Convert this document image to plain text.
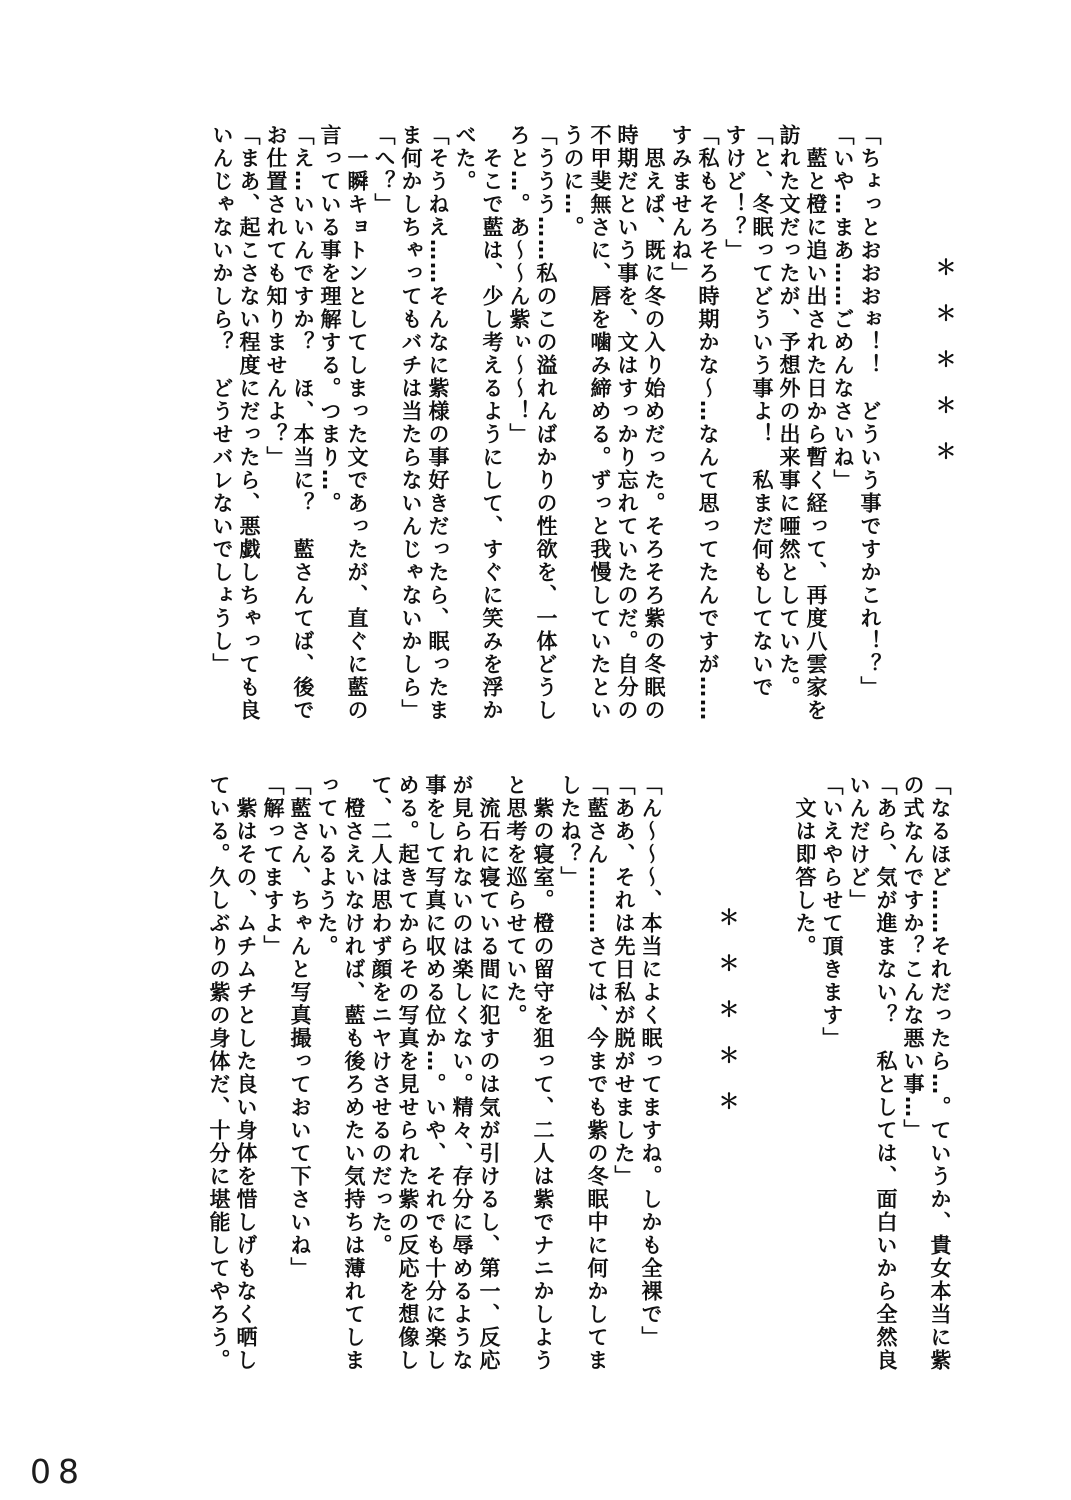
＊　＊　＊　＊　＊
「ちょっとおおおぉ！！　どういう事ですかこれ！？」
「いや…まあ……ごめんなさいね」
藍と橙に追い出された日から暫く経って、再度八雲家を
訪れた文だったが、予想外の出来事に唖然としていた。
「と、冬眠ってどういう事よ！　私まだ何もしてないで
すけど！？」
「私もそろそろ時期かな～…なんて思ってたんですが……
すみませんね」
思えば、既に冬の入り始めだった。そろそろ紫の冬眠の
時期だという事を、文はすっかり忘れていたのだ。自分の
不甲斐無さに、唇を噛み締める。ずっと我慢していたとい
うのに…。
「ううう……私のこの溢れんばかりの性欲を、一体どうし
ろと…。あ～～ん紫ぃ～～！」
そこで藍は、少し考えるようにして、すぐに笑みを浮か
べた。
「そうねえ……そんなに紫様の事好きだったら、眠ったま
ま何かしちゃってもバチは当たらないんじゃないかしら」
「へ？」
一瞬キョトンとしてしまった文であったが、直ぐに藍の
言っている事を理解する。つまり…。
「え…いいんですか？　ほ、本当に？　藍さんてば、後で
お仕置されても知りませんよ？」
「まあ、起こさない程度にだったら、悪戯しちゃっても良
いんじゃないかしら？　どうせバレないでしょうし」
「なるほど……それだったら…。ていうか、貴女本当に紫
の式なんですか？こんな悪い事…」
「あら、気が進まない？　私としては、面白いから全然良
いんだけど」
「いえやらせて頂きます」
文は即答した。
＊　＊　＊　＊　＊
「ん～～～、本当によく眠ってますね。しかも全裸で」
「ああ、それは先日私が脱がせました」
「藍さん………さては、今までも紫の冬眠中に何かしてま
したね？」
紫の寝室。橙の留守を狙って、二人は紫でナニかしよう
と思考を巡らせていた。
流石に寝ている間に犯すのは気が引けるし、第一、反応
が見られないのは楽しくない。精々、存分に辱めるような
事をして写真に収める位か…。いや、それでも十分に楽し
める。起きてからその写真を見せられた紫の反応を想像し
て、二人は思わず顔をニヤけさせるのだった。
橙さえいなければ、藍も後ろめたい気持ちは薄れてしま
っているようた。
「藍さん、ちゃんと写真撮っておいて下さいね」
「解ってますよ」
紫はその、ムチムチとした良い身体を惜しげもなく晒し
ている。久しぶりの紫の身体だ、十分に堪能してやろう。
08
